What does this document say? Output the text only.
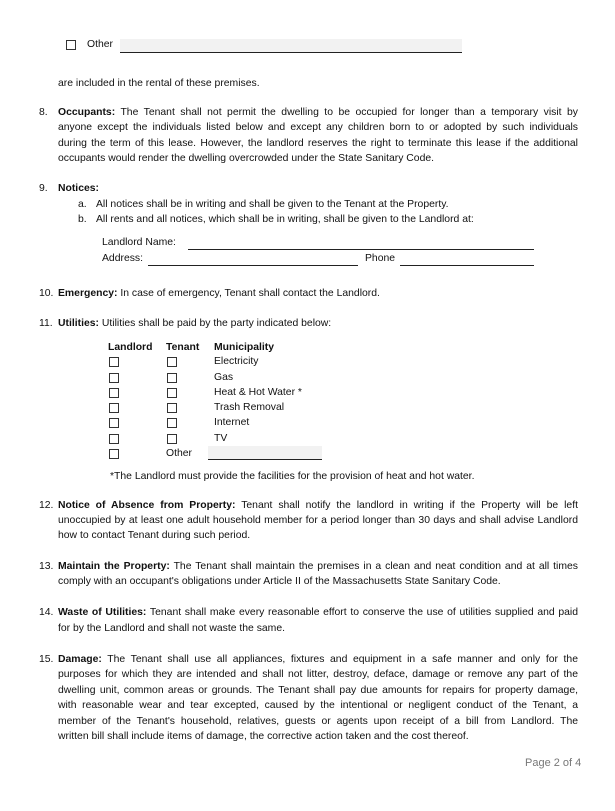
Other
are included in the rental of these premises.
8. Occupants: The Tenant shall not permit the dwelling to be occupied for longer than a temporary visit by
anyone except the individuals listed below and except any children born to or adopted by such individuals
during the term of this lease. However, the landlord reserves the right to terminate this lease if the additional
occupants would render the dwelling overcrowded under the State Sanitary Code.
9. Notices:
a. All notices shall be in writing and shall be given to the Tenant at the Property.
b. All rents and all notices, which shall be in writing, shall be given to the Landlord at:
Landlord Name:
Address:	Phone
10. Emergency: In case of emergency, Tenant shall contact the Landlord.
11. Utilities: Utilities shall be paid by the party indicated below:
Landlord Tenant Municipality
Electricity
Gas
Heat & Hot Water *
Trash Removal
Internet
TV
Other
*The Landlord must provide the facilities for the provision of heat and hot water.
12. Notice of Absence from Property: Tenant shall notify the landlord in writing if the Property will be left
unoccupied by at least one adult household member for a period longer than 30 days and shall advise Landlord
how to contact Tenant during such period.
13. Maintain the Property: The Tenant shall maintain the premises in a clean and neat condition and at all times
comply with an occupant's obligations under Article II of the Massachusetts State Sanitary Code.
14. Waste of Utilities: Tenant shall make every reasonable effort to conserve the use of utilities supplied and paid
for by the Landlord and shall not waste the same.
15. Damage: The Tenant shall use all appliances, fixtures and equipment in a safe manner and only for the
purposes for which they are intended and shall not litter, destroy, deface, damage or remove any part of the
dwelling unit, common areas or grounds. The Tenant shall pay due amounts for repairs for property damage,
with reasonable wear and tear excepted, caused by the intentional or negligent conduct of the Tenant, a
member of the Tenant's household, relatives, guests or agents upon receipt of a bill from Landlord. The
written bill shall include items of damage, the corrective action taken and the cost thereof.
Page 2 of 4
